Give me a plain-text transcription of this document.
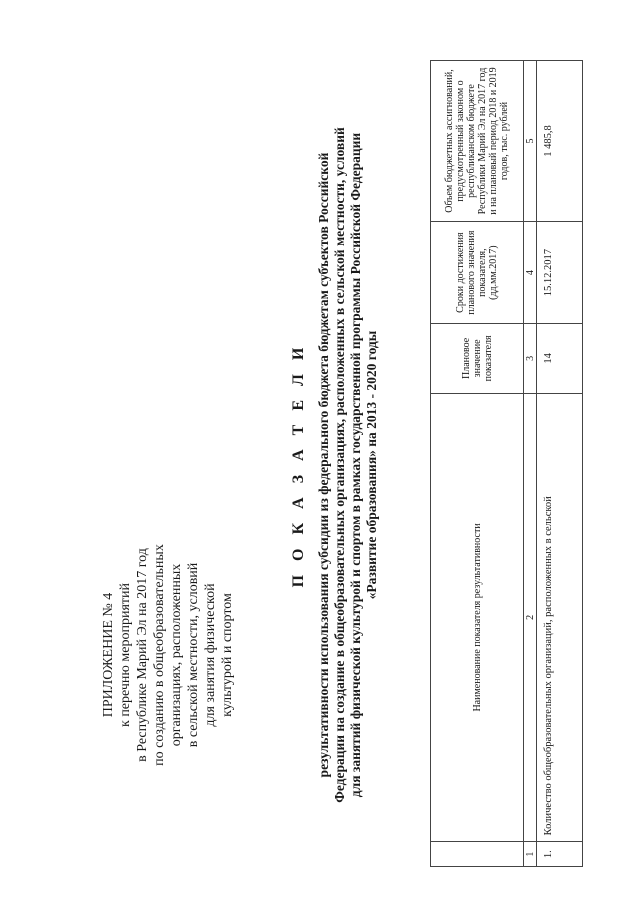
ПРИЛОЖЕНИЕ № 4 к перечню мероприятий в Республике Марий Эл на 2017 год по созданию в общеобразовательных организациях, расположенных в сельской местности, условий для занятия физической культурой и спортом
П О К А З А Т Е Л И результативности использования субсидии из федерального бюджета бюджетам субъектов Российской Федерации на создание в общеобразовательных организациях, расположенных в сельской местности, условий для занятий физической культурой и спортом в рамках государственной программы Российской Федерации «Развитие образования» на 2013 - 2020 годы
	Наименование показателя результативности	Плановое значение показателя	Сроки достижения планового значения показателя, (дд.мм.2017)	Объем бюджетных ассигнований, предусмотренный законом о республиканском бюджете Республики Марий Эл на 2017 год и на плановый период 2018 и 2019 годов, тыс. рублей
1	2	3	4	5
1.	Количество общеобразовательных организаций, расположенных в сельской	14	15.12.2017	1 485,8
